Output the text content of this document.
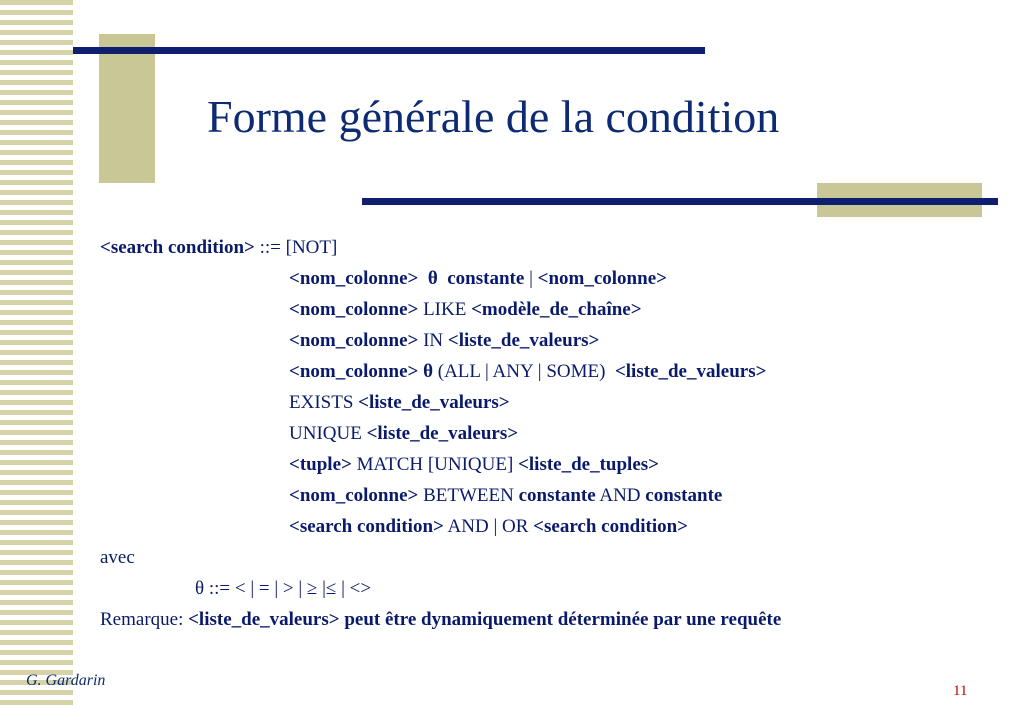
Forme générale de la condition
<search condition> ::= [NOT]
<nom_colonne>  θ  constante | <nom_colonne>
<nom_colonne> LIKE <modèle_de_chaîne>
<nom_colonne> IN <liste_de_valeurs>
<nom_colonne> θ (ALL | ANY | SOME)  <liste_de_valeurs>
EXISTS <liste_de_valeurs>
UNIQUE <liste_de_valeurs>
<tuple> MATCH [UNIQUE] <liste_de_tuples>
<nom_colonne> BETWEEN constante AND constante
<search condition> AND | OR <search condition>
avec
θ ::= < | = | > | ≥ |≤ | <>
Remarque: <liste_de_valeurs> peut être dynamiquement déterminée par une requête
G. Gardarin
11
